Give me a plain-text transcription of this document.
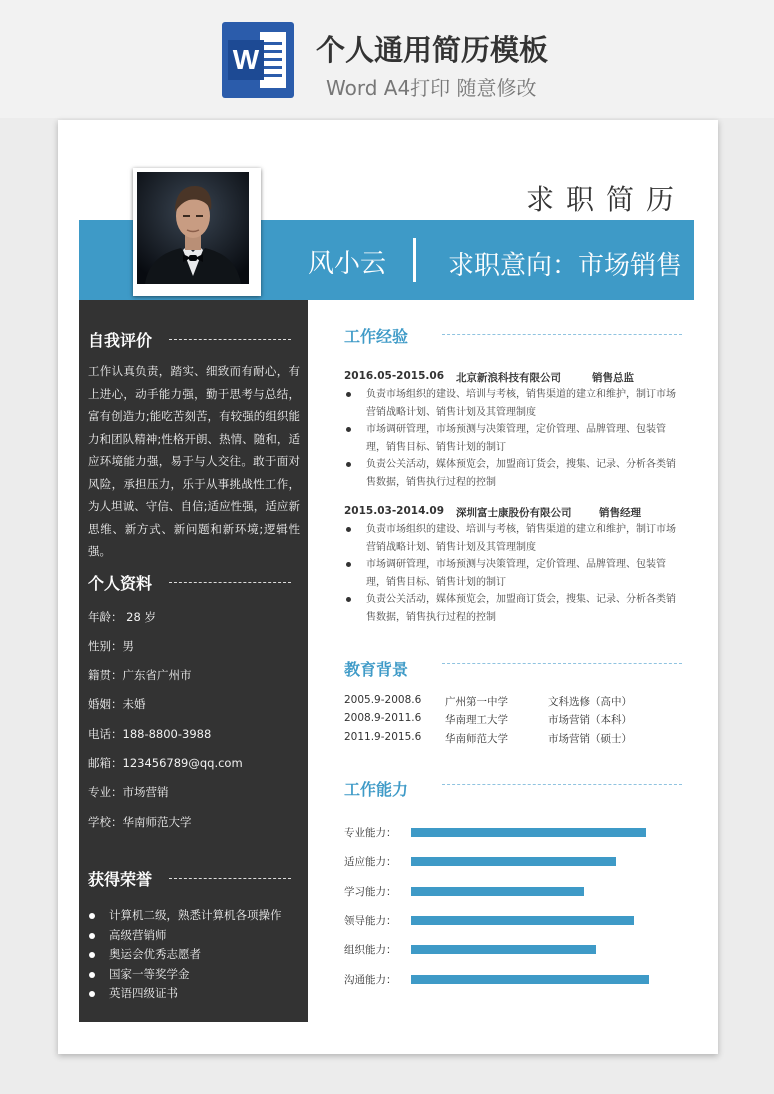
W 个人通用简历模板
Word A4打印 随意修改
求职简历
风小云 求职意向：市场销售
自我评价
工作认真负责，踏实、细致而有耐心，有上进心，动手能力强，勤于思考与总结，富有创造力;能吃苦刻苦，有较强的组织能力和团队精神;性格开朗、热情、随和，适应环境能力强，易于与人交往。敢于面对风险，承担压力，乐于从事挑战性工作，为人坦诚、守信、自信;适应性强，适应新思维、新方式、新问题和新环境;逻辑性强。
个人资料
年龄： 28 岁
性别：男
籍贯：广东省广州市
婚姻：未婚
电话：188-8800-3988
邮箱：123456789@qq.com
专业：市场营销
学校：华南师范大学
获得荣誉
计算机二级，熟悉计算机各项操作
高级营销师
奥运会优秀志愿者
国家一等奖学金
英语四级证书
工作经验
2016.05-2015.06 北京新浪科技有限公司	销售总监
负责市场组织的建设、培训与考核，销售渠道的建立和维护，制订市场营销战略计划、销售计划及其管理制度
市场调研管理，市场预测与决策管理，定价管理、品牌管理、包装管理，销售目标、销售计划的制订
负责公关活动，媒体预览会，加盟商订货会，搜集、记录、分析各类销售数据，销售执行过程的控制
2015.03-2014.09 深圳富士康股份有限公司	销售经理
负责市场组织的建设、培训与考核，销售渠道的建立和维护，制订市场营销战略计划、销售计划及其管理制度
市场调研管理，市场预测与决策管理，定价管理、品牌管理、包装管理，销售目标、销售计划的制订
负责公关活动，媒体预览会，加盟商订货会，搜集、记录、分析各类销售数据，销售执行过程的控制
教育背景
2005.9-2008.6 广州第一中学	文科选修（高中）
2008.9-2011.6 华南理工大学	市场营销（本科）
2011.9-2015.6 华南师范大学	市场营销（硕士）
工作能力
专业能力：
适应能力：
学习能力：
领导能力：
组织能力：
沟通能力：
